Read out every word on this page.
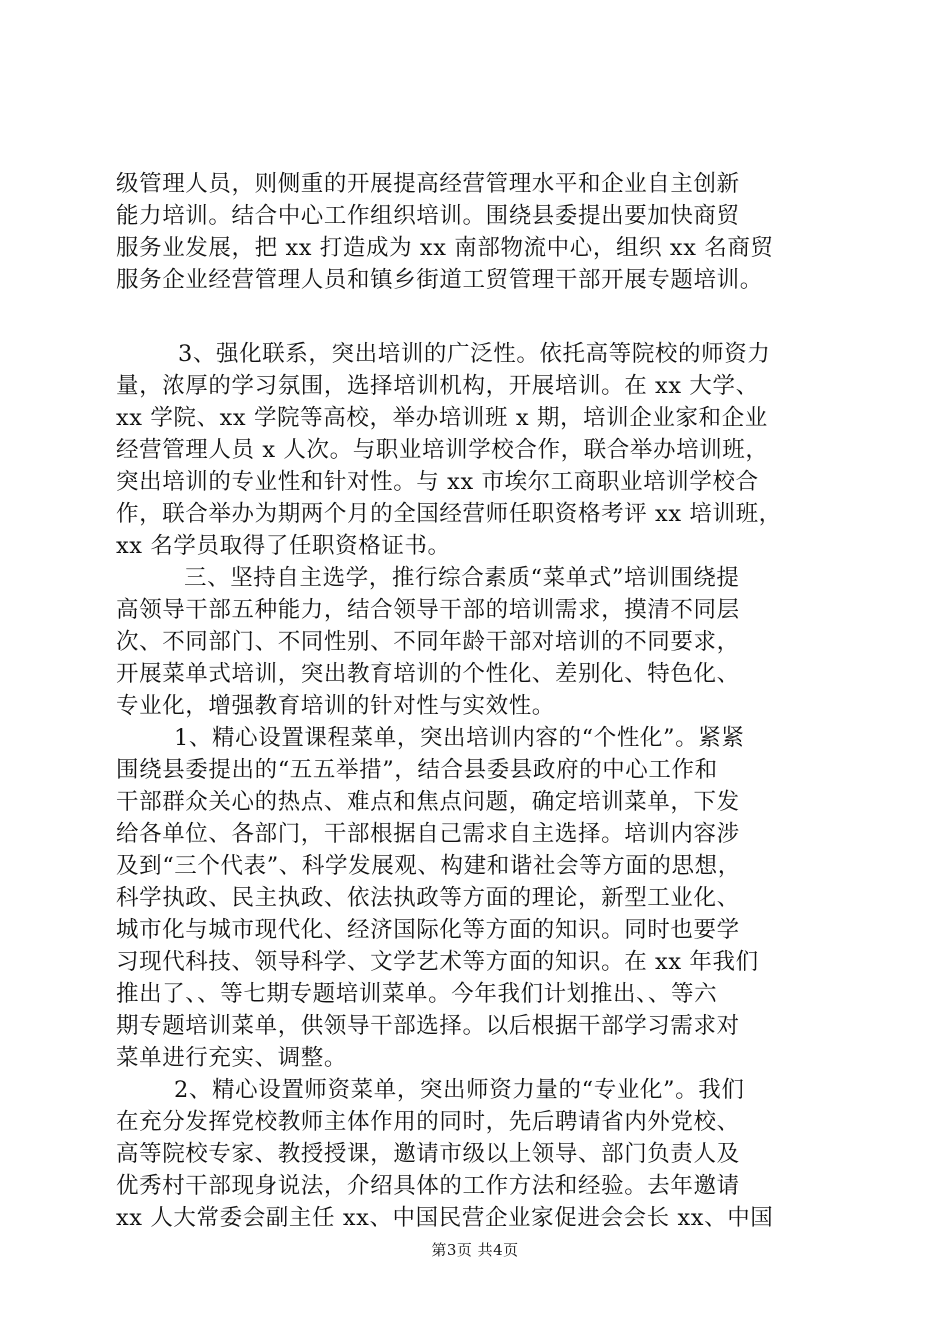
级管理人员，则侧重的开展提高经营管理水平和企业自主创新
能力培训。结合中心工作组织培训。围绕县委提出要加快商贸
服务业发展，把 xx 打造成为 xx 南部物流中心，组织 xx 名商贸
服务企业经营管理人员和镇乡街道工贸管理干部开展专题培训。
3、强化联系，突出培训的广泛性。依托高等院校的师资力
量，浓厚的学习氛围，选择培训机构，开展培训。在 xx 大学、
xx 学院、xx 学院等高校，举办培训班 x 期，培训企业家和企业
经营管理人员 x 人次。与职业培训学校合作，联合举办培训班，
突出培训的专业性和针对性。与 xx 市埃尔工商职业培训学校合
作，联合举办为期两个月的全国经营师任职资格考评 xx 培训班，
xx 名学员取得了任职资格证书。
三、坚持自主选学，推行综合素质“菜单式”培训围绕提
高领导干部五种能力，结合领导干部的培训需求，摸清不同层
次、不同部门、不同性别、不同年龄干部对培训的不同要求，
开展菜单式培训，突出教育培训的个性化、差别化、特色化、
专业化，增强教育培训的针对性与实效性。
1、精心设置课程菜单，突出培训内容的“个性化”。紧紧
围绕县委提出的“五五举措”，结合县委县政府的中心工作和
干部群众关心的热点、难点和焦点问题，确定培训菜单，下发
给各单位、各部门，干部根据自己需求自主选择。培训内容涉
及到“三个代表”、科学发展观、构建和谐社会等方面的思想，
科学执政、民主执政、依法执政等方面的理论，新型工业化、
城市化与城市现代化、经济国际化等方面的知识。同时也要学
习现代科技、领导科学、文学艺术等方面的知识。在 xx 年我们
推出了、、等七期专题培训菜单。今年我们计划推出、、等六
期专题培训菜单，供领导干部选择。以后根据干部学习需求对
菜单进行充实、调整。
2、精心设置师资菜单，突出师资力量的“专业化”。我们
在充分发挥党校教师主体作用的同时，先后聘请省内外党校、
高等院校专家、教授授课，邀请市级以上领导、部门负责人及
优秀村干部现身说法，介绍具体的工作方法和经验。去年邀请
xx 人大常委会副主任 xx、中国民营企业家促进会会长 xx、中国
第3页 共4页
